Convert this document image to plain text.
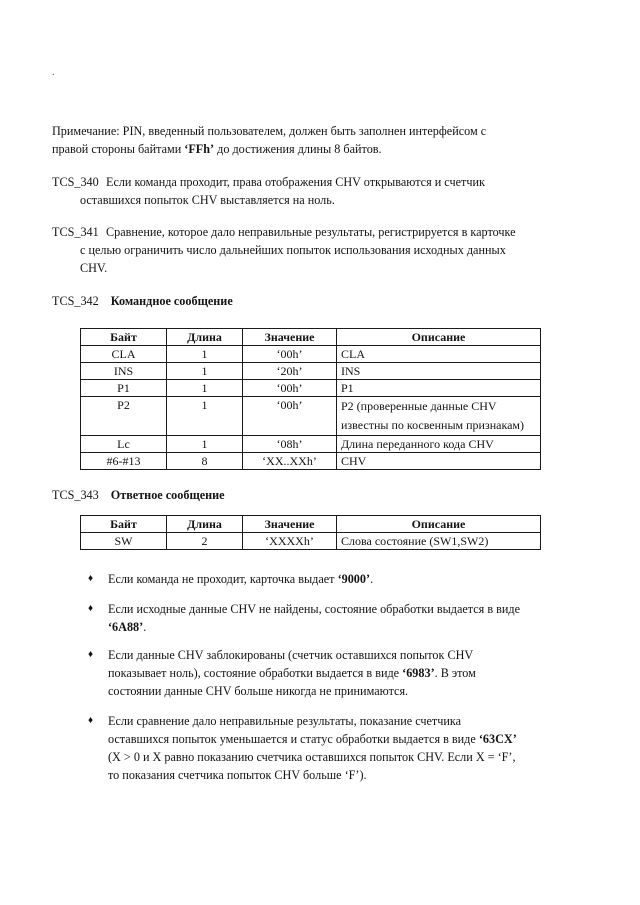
.

Примечание: PIN, введенный пользователем, должен быть заполнен интерфейсом с

правой стороны байтами ‘FFh’ до достижения длины 8 байтов.

TCS_340 Если команда проходит, права отображения CHV открываются и счетчик

оставшихся попыток CHV выставляется на ноль.

TCS_341 Сравнение, которое дало неправильные результаты, регистрируется в карточке

с целью ограничить число дальнейших попыток использования исходных данных

CHV.

TCS_342 Командное сообщение
Байт	Длина	Значение	Описание
CLA	1	‘00h’	CLA
INS	1	‘20h’	INS
P1	1	‘00h’	P1
P2	1	‘00h’	P2 (проверенные данные CHV
известны по косвенным признакам)
Lc	1	‘08h’	Длина переданного кода CHV
#6-#13	8	‘XX..XXh’	CHV
TCS_343 Ответное сообщение
Байт	Длина	Значение	Описание
SW	2	‘XXXXh’	Слова состояние (SW1,SW2)
♦ Если команда не проходит, карточка выдает ‘9000’.
♦ Если исходные данные CHV не найдены, состояние обработки выдается в виде
‘6A88’.
♦ Если данные CHV заблокированы (счетчик оставшихся попыток CHV
показывает ноль), состояние обработки выдается в виде ‘6983’. В этом
состоянии данные CHV больше никогда не принимаются.
♦ Если сравнение дало неправильные результаты, показание счетчика
оставшихся попыток уменьшается и статус обработки выдается в виде ‘63CX’
(X > 0 и X равно показанию счетчика оставшихся попыток CHV. Если X = ‘F’,
то показания счетчика попыток CHV больше ‘F’).
